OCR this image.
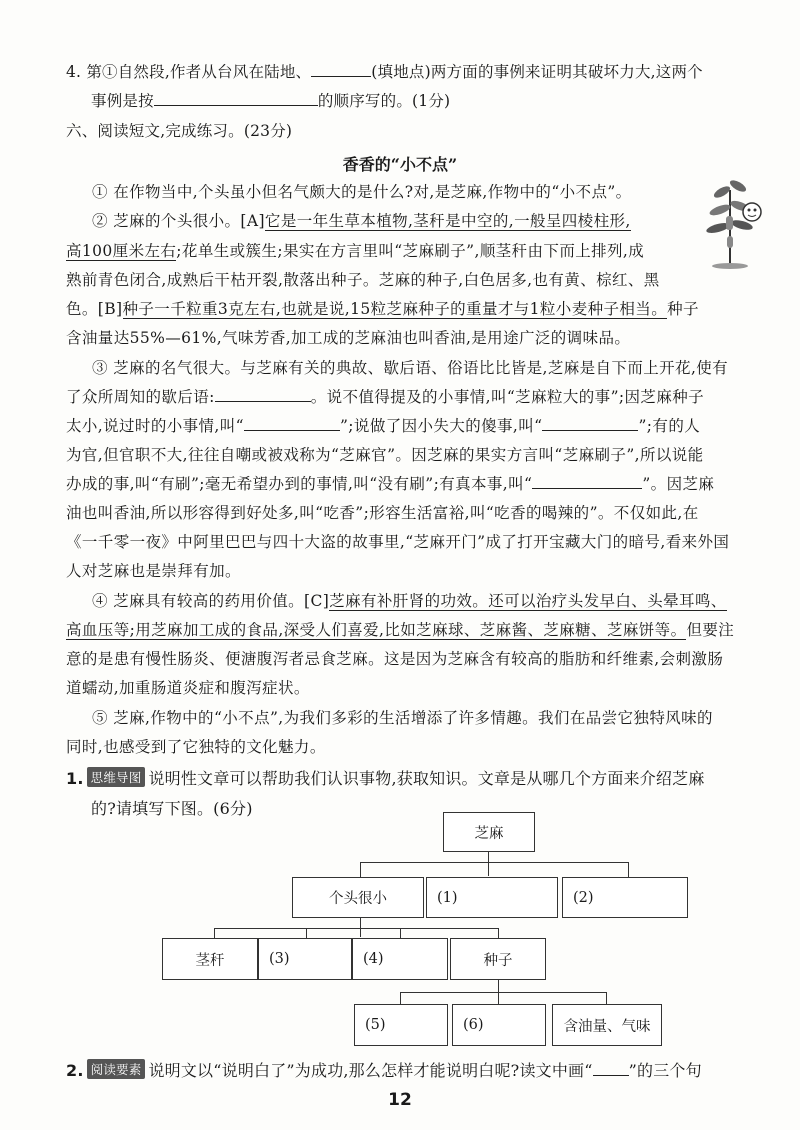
4. 第①自然段,作者从台风在陆地、	(填地点)两方面的事例来证明其破坏力大,这两个
事例是按	的顺序写的。(1分)
六、阅读短文,完成练习。(23分)
香香的“小不点”
① 在作物当中,个头虽小但名气颇大的是什么?对,是芝麻,作物中的“小不点”。
② 芝麻的个头很小。[A]它是一年生草本植物,茎秆是中空的,一般呈四棱柱形,
高100厘米左右;花单生或簇生;果实在方言里叫“芝麻刷子”,顺茎秆由下而上排列,成
熟前青色闭合,成熟后干枯开裂,散落出种子。芝麻的种子,白色居多,也有黄、棕红、黑
色。[B]种子一千粒重3克左右,也就是说,15粒芝麻种子的重量才与1粒小麦种子相当。种子
含油量达55%—61%,气味芳香,加工成的芝麻油也叫香油,是用途广泛的调味品。
③ 芝麻的名气很大。与芝麻有关的典故、歇后语、俗语比比皆是,芝麻是自下而上开花,使有
了众所周知的歇后语:	。说不值得提及的小事情,叫“芝麻粒大的事”;因芝麻种子
太小,说过时的小事情,叫“	”;说做了因小失大的傻事,叫“	”;有的人
为官,但官职不大,往往自嘲或被戏称为“芝麻官”。因芝麻的果实方言叫“芝麻刷子”,所以说能
办成的事,叫“有刷”;毫无希望办到的事情,叫“没有刷”;有真本事,叫“	”。因芝麻
油也叫香油,所以形容得到好处多,叫“吃香”;形容生活富裕,叫“吃香的喝辣的”。不仅如此,在
《一千零一夜》中阿里巴巴与四十大盗的故事里,“芝麻开门”成了打开宝藏大门的暗号,看来外国
人对芝麻也是崇拜有加。
④ 芝麻具有较高的药用价值。[C]芝麻有补肝肾的功效。还可以治疗头发早白、头晕耳鸣、
高血压等;用芝麻加工成的食品,深受人们喜爱,比如芝麻球、芝麻酱、芝麻糖、芝麻饼等。但要注
意的是患有慢性肠炎、便溏腹泻者忌食芝麻。这是因为芝麻含有较高的脂肪和纤维素,会刺激肠
道蠕动,加重肠道炎症和腹泻症状。
⑤ 芝麻,作物中的“小不点”,为我们多彩的生活增添了许多情趣。我们在品尝它独特风味的
同时,也感受到了它独特的文化魅力。
1. 思维导图 说明性文章可以帮助我们认识事物,获取知识。文章是从哪几个方面来介绍芝麻
的?请填写下图。(6分)
芝麻
个头很小	(1)	(2)
茎秆	(3)	(4)	种子
(5)	(6)	含油量、气味
2. 阅读要素 说明文以“说明白了”为成功,那么怎样才能说明白呢?读文中画“ ”的三个句
12
